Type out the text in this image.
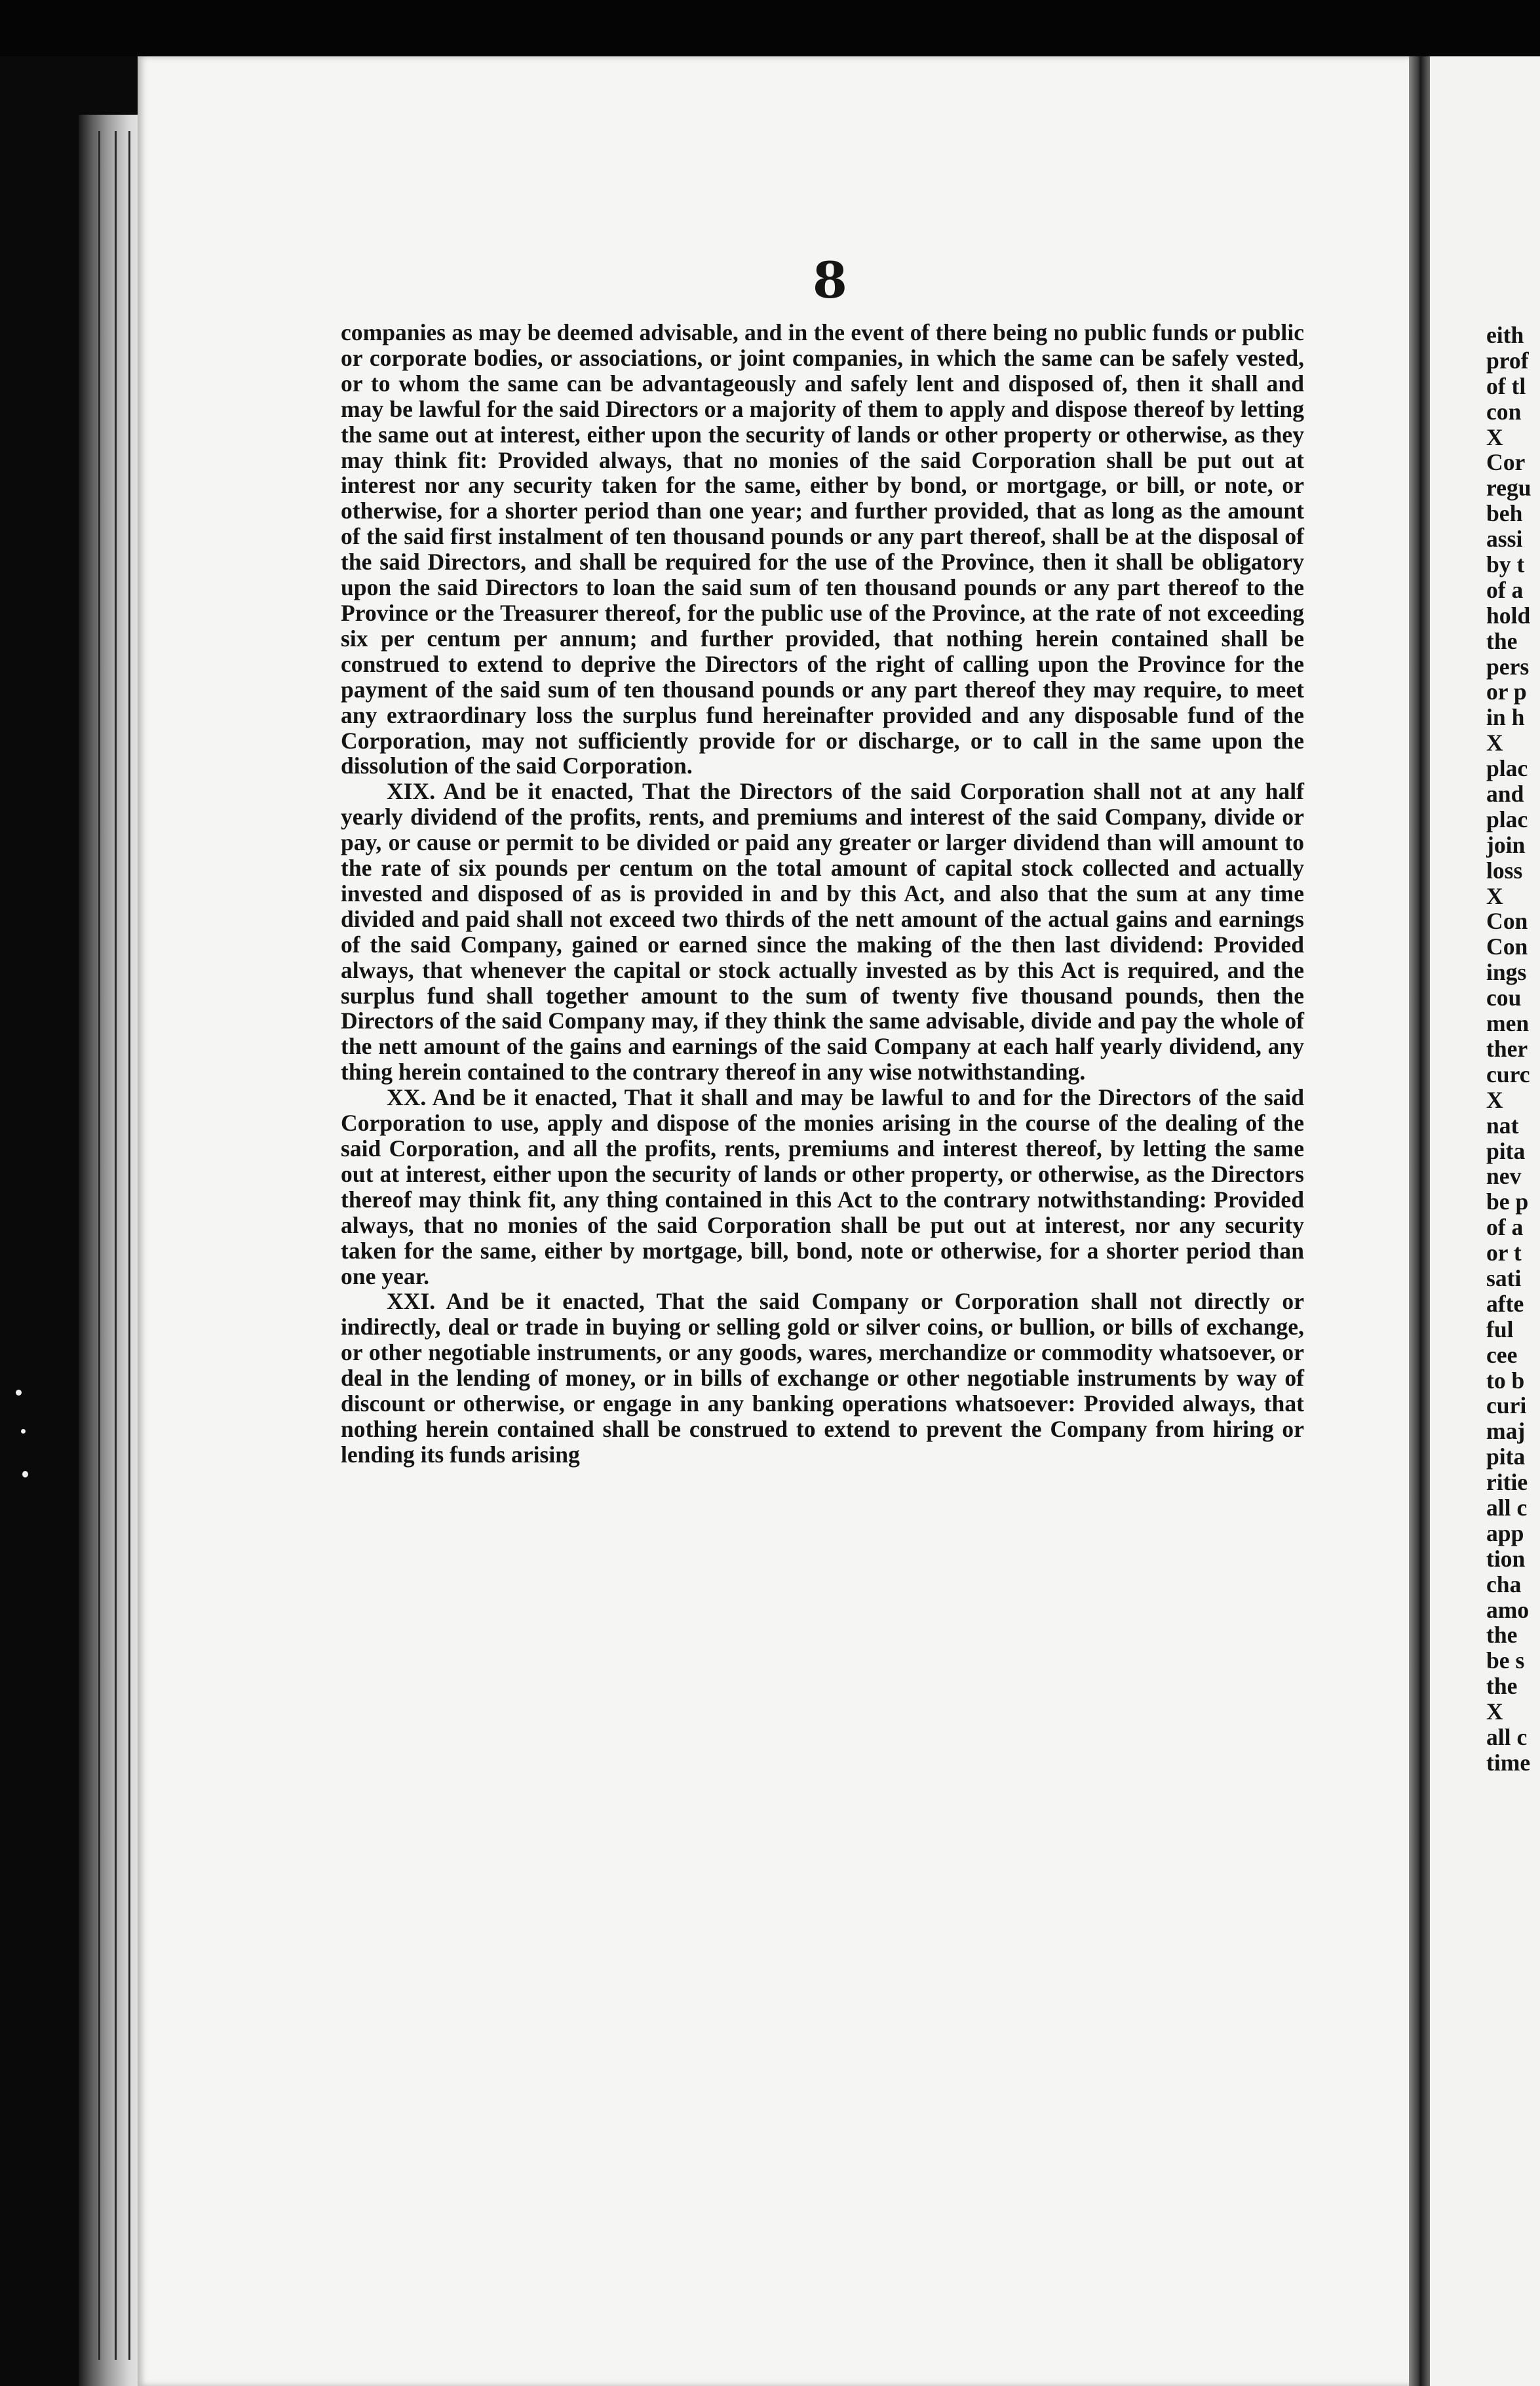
8

companies as may be deemed advisable, and in the event of there being no public funds or public or corporate bodies, or associations, or joint companies, in which the same can be safely vested, or to whom the same can be advantageously and safely lent and disposed of, then it shall and may be lawful for the said Directors or a majority of them to apply and dispose thereof by letting the same out at interest, either upon the security of lands or other property or otherwise, as they may think fit: Provided always, that no monies of the said Corporation shall be put out at interest nor any security taken for the same, either by bond, or mortgage, or bill, or note, or otherwise, for a shorter period than one year; and further provided, that as long as the amount of the said first instalment of ten thousand pounds or any part thereof, shall be at the disposal of the said Directors, and shall be required for the use of the Province, then it shall be obligatory upon the said Directors to loan the said sum of ten thousand pounds or any part thereof to the Province or the Treasurer thereof, for the public use of the Province, at the rate of not exceeding six per centum per annum; and further provided, that nothing herein contained shall be construed to extend to deprive the Directors of the right of calling upon the Province for the payment of the said sum of ten thousand pounds or any part thereof they may require, to meet any extraordinary loss the surplus fund hereinafter provided and any disposable fund of the Corporation, may not sufficiently provide for or discharge, or to call in the same upon the dissolution of the said Corporation.

XIX. And be it enacted, That the Directors of the said Corporation shall not at any half yearly dividend of the profits, rents, and premiums and interest of the said Company, divide or pay, or cause or permit to be divided or paid any greater or larger dividend than will amount to the rate of six pounds per centum on the total amount of capital stock collected and actually invested and disposed of as is provided in and by this Act, and also that the sum at any time divided and paid shall not exceed two thirds of the nett amount of the actual gains and earnings of the said Company, gained or earned since the making of the then last dividend: Provided always, that whenever the capital or stock actually invested as by this Act is required, and the surplus fund shall together amount to the sum of twenty five thousand pounds, then the Directors of the said Company may, if they think the same advisable, divide and pay the whole of the nett amount of the gains and earnings of the said Company at each half yearly dividend, any thing herein contained to the contrary thereof in any wise notwithstanding.

XX. And be it enacted, That it shall and may be lawful to and for the Directors of the said Corporation to use, apply and dispose of the monies arising in the course of the dealing of the said Corporation, and all the profits, rents, premiums and interest thereof, by letting the same out at interest, either upon the security of lands or other property, or otherwise, as the Directors thereof may think fit, any thing contained in this Act to the contrary notwithstanding: Provided always, that no monies of the said Corporation shall be put out at interest, nor any security taken for the same, either by mortgage, bill, bond, note or otherwise, for a shorter period than one year.

XXI. And be it enacted, That the said Company or Corporation shall not directly or indirectly, deal or trade in buying or selling gold or silver coins, or bullion, or bills of exchange, or other negotiable instruments, or any goods, wares, merchandize or commodity whatsoever, or deal in the lending of money, or in bills of exchange or other negotiable instruments by way of discount or otherwise, or engage in any banking operations whatsoever: Provided always, that nothing herein contained shall be construed to extend to prevent the Company from hiring or lending its funds arising

eith
prof
of tl
con
X
Cor
regu
beh
assi
by t
of a
hold
the
pers
or p
in h
X
plac
and
plac
join
loss
X
Con
Con
ings
cou
men
ther
curc
X
nat
pita
nev
be p
of a
or t
sati
afte
ful
cee
to b
curi
maj
pita
ritie
all c
app
tion
cha
amo
the
be s
the
X
all c
time
